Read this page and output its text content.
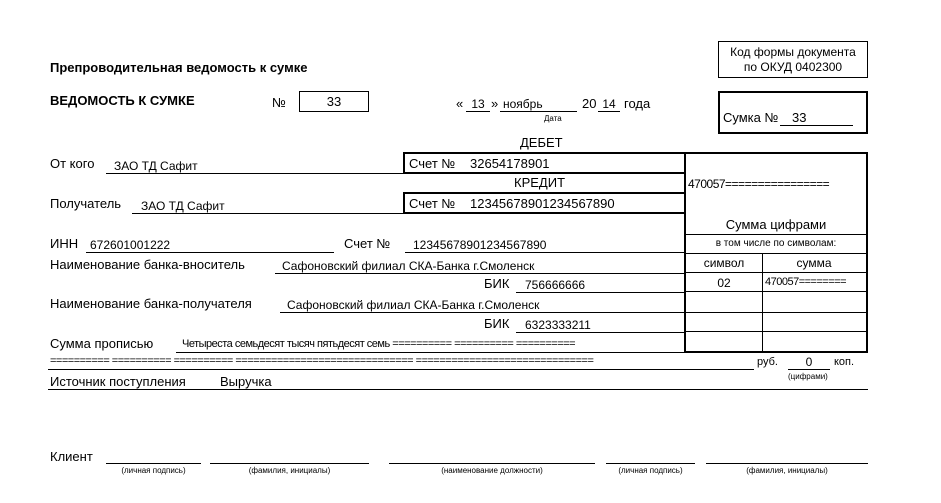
Препроводительная ведомость к сумке
Код формы документа
по ОКУД 0402300
ВЕДОМОСТЬ К СУМКЕ	№	33	« 13 » ноябрь	20 14 года
Дата	Сумка № 33
ДЕБЕТ
От кого ЗАО ТД Сафит	Счет № 32654178901
КРЕДИТ
Получатель ЗАО ТД Сафит	Счет № 12345678901234567890
470057================
Сумма цифрами
в том числе по символам:
символ	сумма
02	470057========
ИНН 672601001222	Счет № 12345678901234567890
Наименование банка-вноситель	Сафоновский филиал СКА-Банка г.Смоленск
БИК 756666666
Наименование банка-получателя	Сафоновский филиал СКА-Банка г.Смоленск
БИК 6323333211
Сумма прописью	Четыреста семьдесят тысяч пятьдесят семь ========== ========== ==========
========== ========== ========== ============================== ==============================	руб.	0	коп.
(цифрами)
Источник поступления	Выручка
Клиент
(личная подпись)	(фамилия, инициалы)	(наименование должности)	(личная подпись)	(фамилия, инициалы)
